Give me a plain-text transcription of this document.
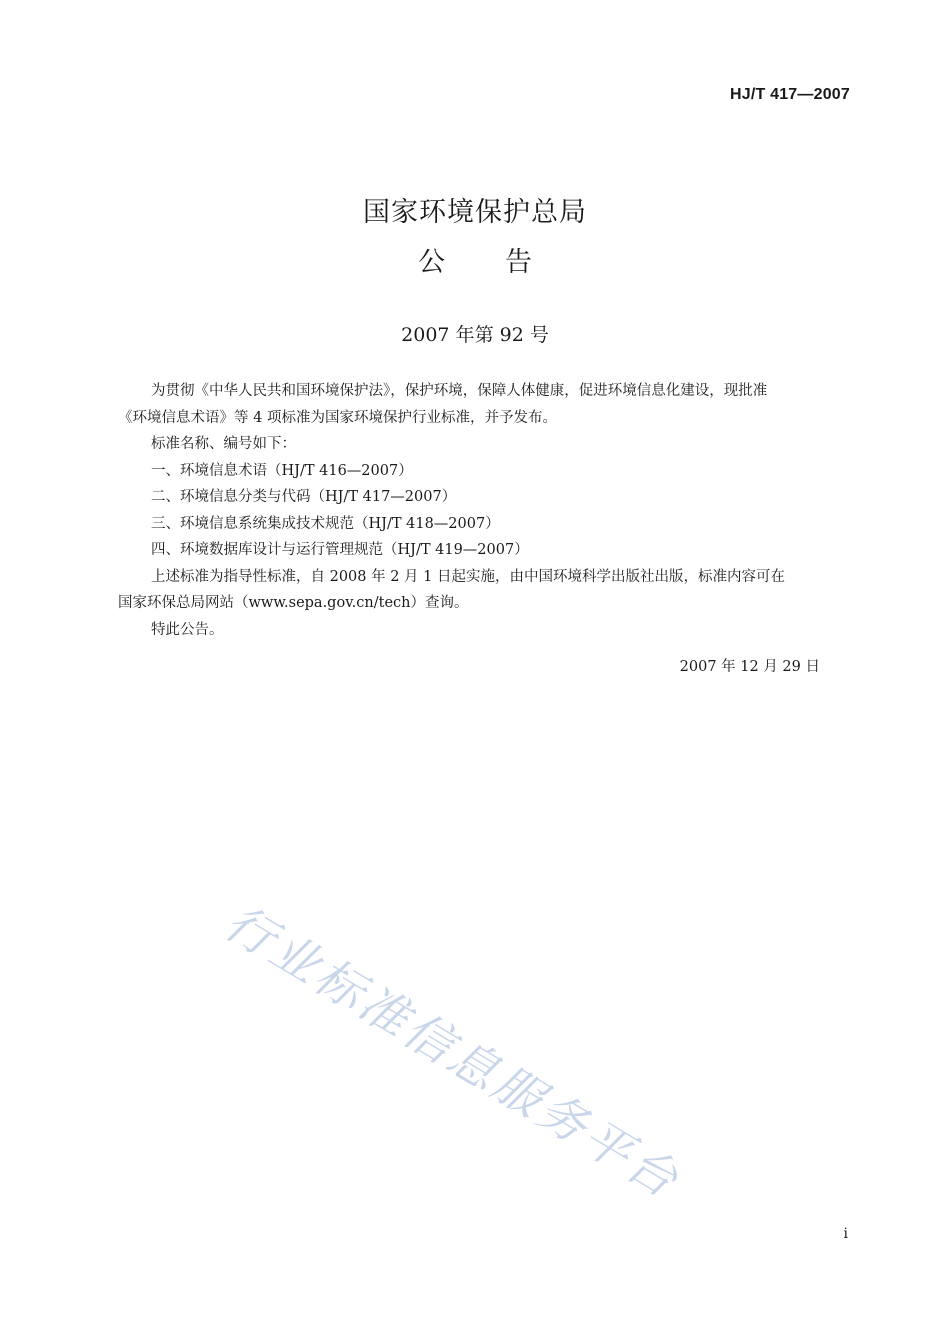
HJ/T 417—2007
国家环境保护总局
公告
2007 年第 92 号

为贯彻《中华人民共和国环境保护法》，保护环境，保障人体健康，促进环境信息化建设，现批准

《环境信息术语》等 4 项标准为国家环境保护行业标准，并予发布。

标准名称、编号如下：

一、环境信息术语（HJ/T 416—2007）

二、环境信息分类与代码（HJ/T 417—2007）

三、环境信息系统集成技术规范（HJ/T 418—2007）

四、环境数据库设计与运行管理规范（HJ/T 419—2007）

上述标准为指导性标准，自 2008 年 2 月 1 日起实施，由中国环境科学出版社出版，标准内容可在

国家环保总局网站（www.sepa.gov.cn/tech）查询。

特此公告。

2007 年 12 月 29 日
行业标准信息服务平台
i
